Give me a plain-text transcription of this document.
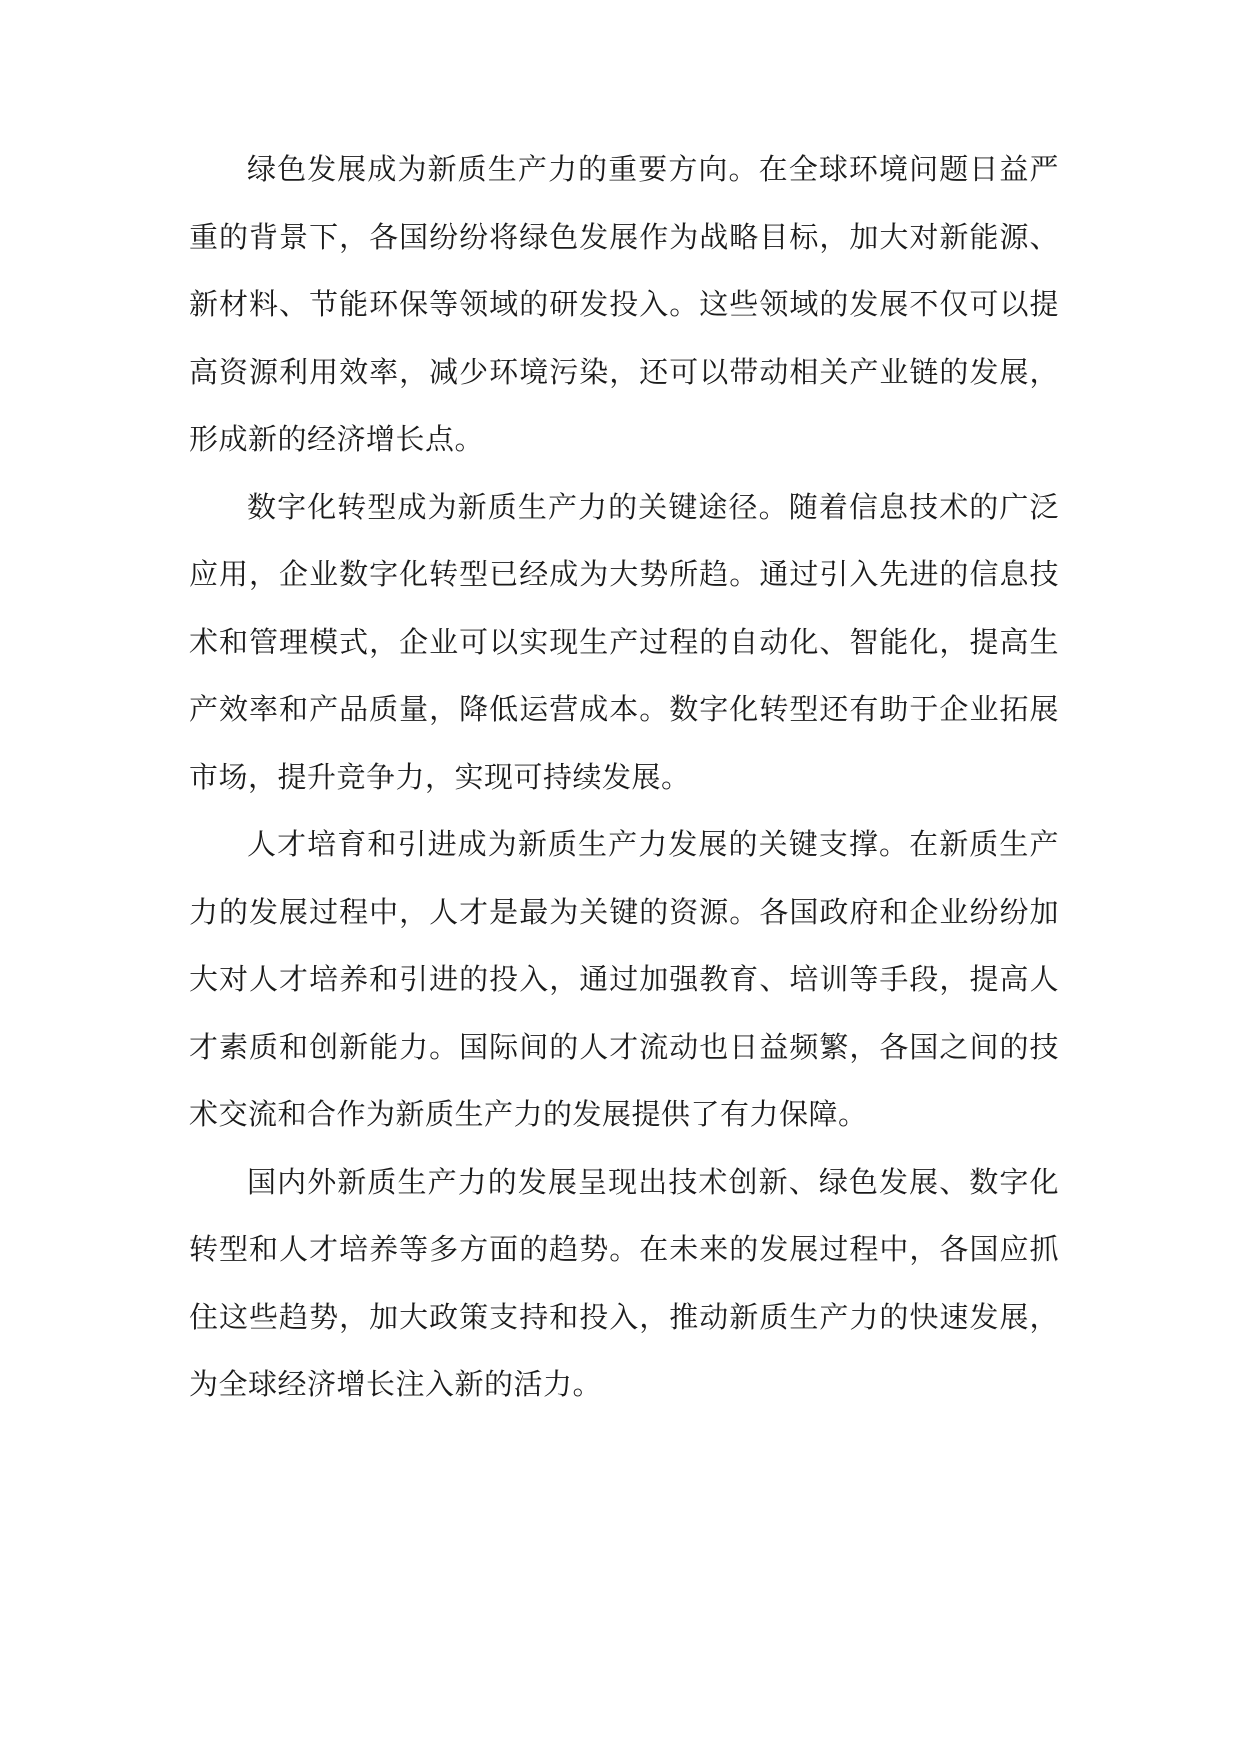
绿色发展成为新质生产力的重要方向。在全球环境问题日益严重的背景下，各国纷纷将绿色发展作为战略目标，加大对新能源、新材料、节能环保等领域的研发投入。这些领域的发展不仅可以提高资源利用效率，减少环境污染，还可以带动相关产业链的发展，形成新的经济增长点。

数字化转型成为新质生产力的关键途径。随着信息技术的广泛应用，企业数字化转型已经成为大势所趋。通过引入先进的信息技术和管理模式，企业可以实现生产过程的自动化、智能化，提高生产效率和产品质量，降低运营成本。数字化转型还有助于企业拓展市场，提升竞争力，实现可持续发展。

人才培育和引进成为新质生产力发展的关键支撑。在新质生产力的发展过程中，人才是最为关键的资源。各国政府和企业纷纷加大对人才培养和引进的投入，通过加强教育、培训等手段，提高人才素质和创新能力。国际间的人才流动也日益频繁，各国之间的技术交流和合作为新质生产力的发展提供了有力保障。

国内外新质生产力的发展呈现出技术创新、绿色发展、数字化转型和人才培养等多方面的趋势。在未来的发展过程中，各国应抓住这些趋势，加大政策支持和投入，推动新质生产力的快速发展，为全球经济增长注入新的活力。
